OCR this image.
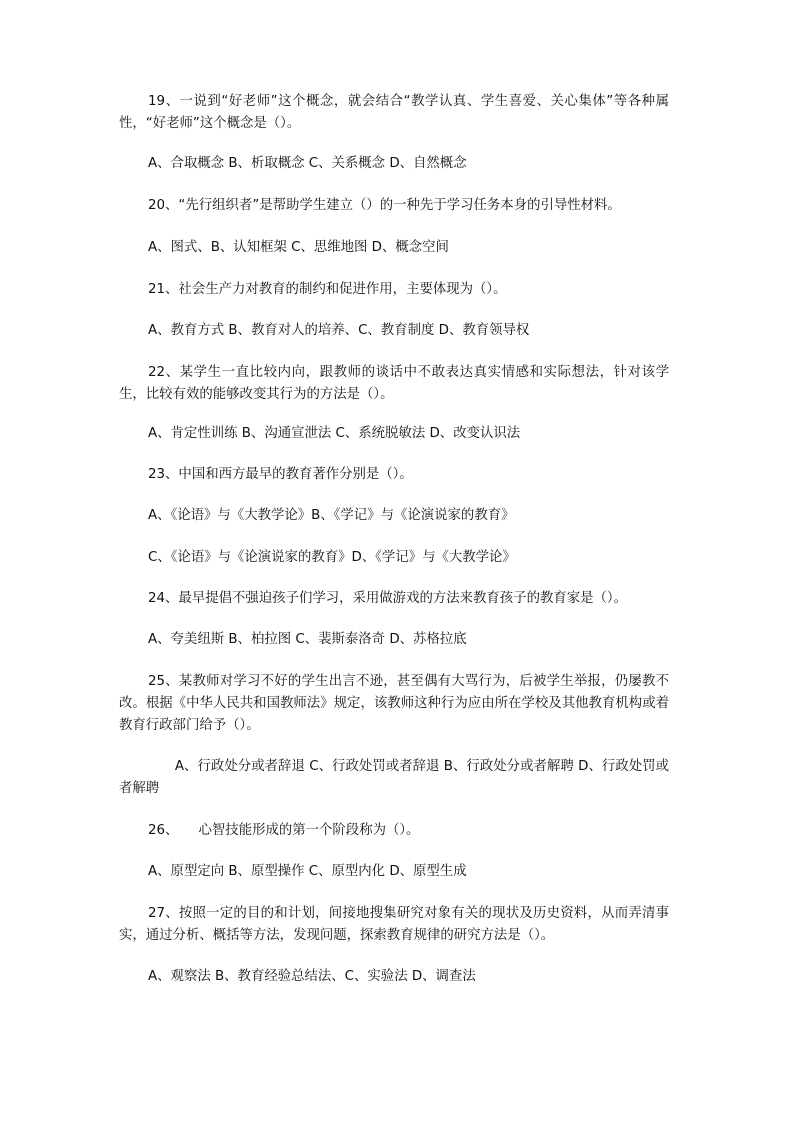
19、一说到“好老师”这个概念，就会结合“教学认真、学生喜爱、关心集体”等各种属性，“好老师”这个概念是（）。

A、合取概念 B、析取概念 C、关系概念 D、自然概念

20、“先行组织者”是帮助学生建立（）的一种先于学习任务本身的引导性材料。

A、图式、B、认知框架 C、思维地图 D、概念空间

21、社会生产力对教育的制约和促进作用，主要体现为（）。

A、教育方式 B、教育对人的培养、C、教育制度 D、教育领导权

22、某学生一直比较内向，跟教师的谈话中不敢表达真实情感和实际想法，针对该学生，比较有效的能够改变其行为的方法是（）。

A、肯定性训练 B、沟通宣泄法 C、系统脱敏法 D、改变认识法

23、中国和西方最早的教育著作分别是（）。

A、《论语》与《大教学论》B、《学记》与《论演说家的教育》

C、《论语》与《论演说家的教育》D、《学记》与《大教学论》

24、最早提倡不强迫孩子们学习，采用做游戏的方法来教育孩子的教育家是（）。

A、夸美纽斯 B、柏拉图 C、裴斯泰洛奇 D、苏格拉底

25、某教师对学习不好的学生出言不逊，甚至偶有大骂行为，后被学生举报，仍屡教不改。根据《中华人民共和国教师法》规定，该教师这种行为应由所在学校及其他教育机构或着教育行政部门给予（）。

　　A、行政处分或者辞退 C、行政处罚或者辞退 B、行政处分或者解聘 D、行政处罚或者解聘

26、　　心智技能形成的第一个阶段称为（）。

A、原型定向 B、原型操作 C、原型内化 D、原型生成

27、按照一定的目的和计划，间接地搜集研究对象有关的现状及历史资料，从而弄清事实，通过分析、概括等方法，发现问题，探索教育规律的研究方法是（）。

A、观察法 B、教育经验总结法、C、实验法 D、调查法
